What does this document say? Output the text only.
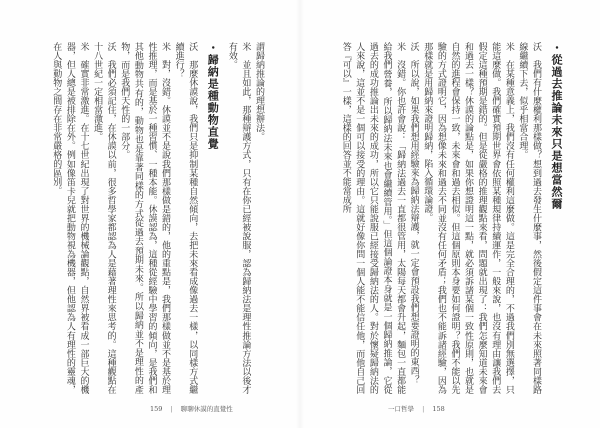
・從過去推論未來只是想當然爾

沃　我們有什麼權利那樣做？想到過去發生什麼事，然後假定這件事會在未來照著同樣路線繼續下去，似乎相當合理。

米　在某種意義上，我們沒有任何權利這麼做。這是完全合理的，不過我們別無選擇，只能這麼做。我們確實預期世界會依照某種規律持續運作，一般來說，也沒有理由讓我們去假定這種預期是錯的。但是從嚴格的推理觀點來看，問題就出現了：我們怎麼知道未來會和過去一樣？休謨的論點是，如果你想證明這一點，就必須訴諸某個一致性原則，也就是自然的進程會保持一致，未來會和過去相似。但這個原則本身要如何證明？我們不能以先驗的方式證明它，因為想像未來和過去不同並沒有任何矛盾；我們也不能訴諸經驗，因為那樣就是用歸納來證明歸納，陷入循環論證。

沃　所以說，如果我們想用經驗來為歸納法辯護，就一定會預設我們想要證明的東西？

米　沒錯。你也許會說：「歸納法過去一直都很管用，太陽每天都會升起，麵包一直都能給我們營養，所以歸納法未來也會繼續管用。」但這個論證本身就是一個歸納推論，它從過去的成功推論出未來的成功，所以它只能說服已經接受歸納法的人。對於懷疑歸納法的人來說，這並不是一個可以接受的理由。這就好像你問一個人能不能信任他，而他自己回答『可以』一樣，這樣的回答並不能當成所

謂歸納推論的理想辦法。

米　並且如此，那種辯護方式，只有在你已經被說服，認為歸納法是理性推論方法以後才有效。

・歸納是種動物直覺

沃　那麼休謨說，我們只是抑制某種自然傾向，去把未來看成像過去一樣，以同樣方式繼續進行？

米　對，沒錯。休謨並不是說我們那樣做是錯的，他的重點是，我們那樣做並不是基於理性推理，而是基於一種習慣、一種本能。休謨認為，這種從經驗中學習的傾向，是我們和其他動物共有的，動物也是靠著同樣的方式從過去預期未來。所以歸納並不是理性的產物，而是我們天性的一部分。

沃　我們必須記住，在休謨以前，很多哲學家都認為人是藉著理性來思考的。這種觀點在十八世紀一定相當激進。

米　確實非常激進。在十七世紀出現了對世界的機械論觀點，自然界被看成一部巨大的機器，但人總是被排除在外。例如像笛卡兒就把動物視為機器，但他認為人有理性的靈魂，在人與動物之間存在非常嚴格的區別。

159 | 聊聊休謨的直覺性	一口哲學 | 158
